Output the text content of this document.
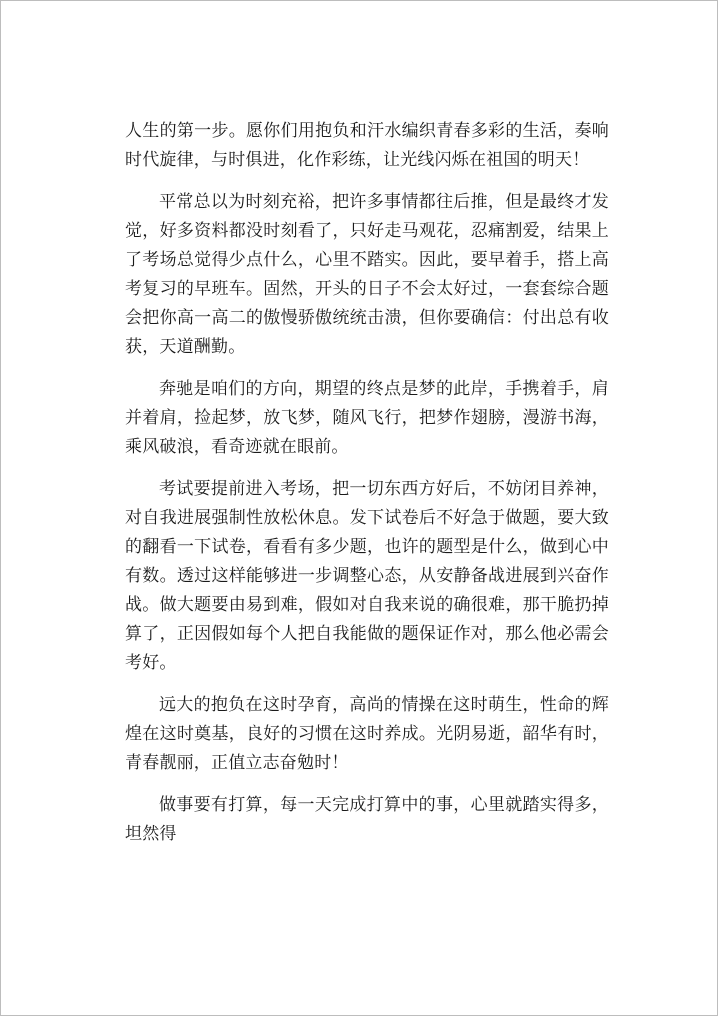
人生的第一步。愿你们用抱负和汗水编织青春多彩的生活，奏响时代旋律，与时俱进，化作彩练，让光线闪烁在祖国的明天！

平常总以为时刻充裕，把许多事情都往后推，但是最终才发觉，好多资料都没时刻看了，只好走马观花，忍痛割爱，结果上了考场总觉得少点什么，心里不踏实。因此，要早着手，搭上高考复习的早班车。固然，开头的日子不会太好过，一套套综合题会把你高一高二的傲慢骄傲统统击溃，但你要确信：付出总有收获，天道酬勤。

奔驰是咱们的方向，期望的终点是梦的此岸，手携着手，肩并着肩，捡起梦，放飞梦，随风飞行，把梦作翅膀，漫游书海，乘风破浪，看奇迹就在眼前。

考试要提前进入考场，把一切东西方好后，不妨闭目养神，对自我进展强制性放松休息。发下试卷后不好急于做题，要大致的翻看一下试卷，看看有多少题，也许的题型是什么，做到心中有数。透过这样能够进一步调整心态，从安静备战进展到兴奋作战。做大题要由易到难，假如对自我来说的确很难，那干脆扔掉算了，正因假如每个人把自我能做的题保证作对，那么他必需会考好。

远大的抱负在这时孕育，高尚的情操在这时萌生，性命的辉煌在这时奠基，良好的习惯在这时养成。光阴易逝，韶华有时，青春靓丽，正值立志奋勉时！

做事要有打算，每一天完成打算中的事，心里就踏实得多，坦然得
